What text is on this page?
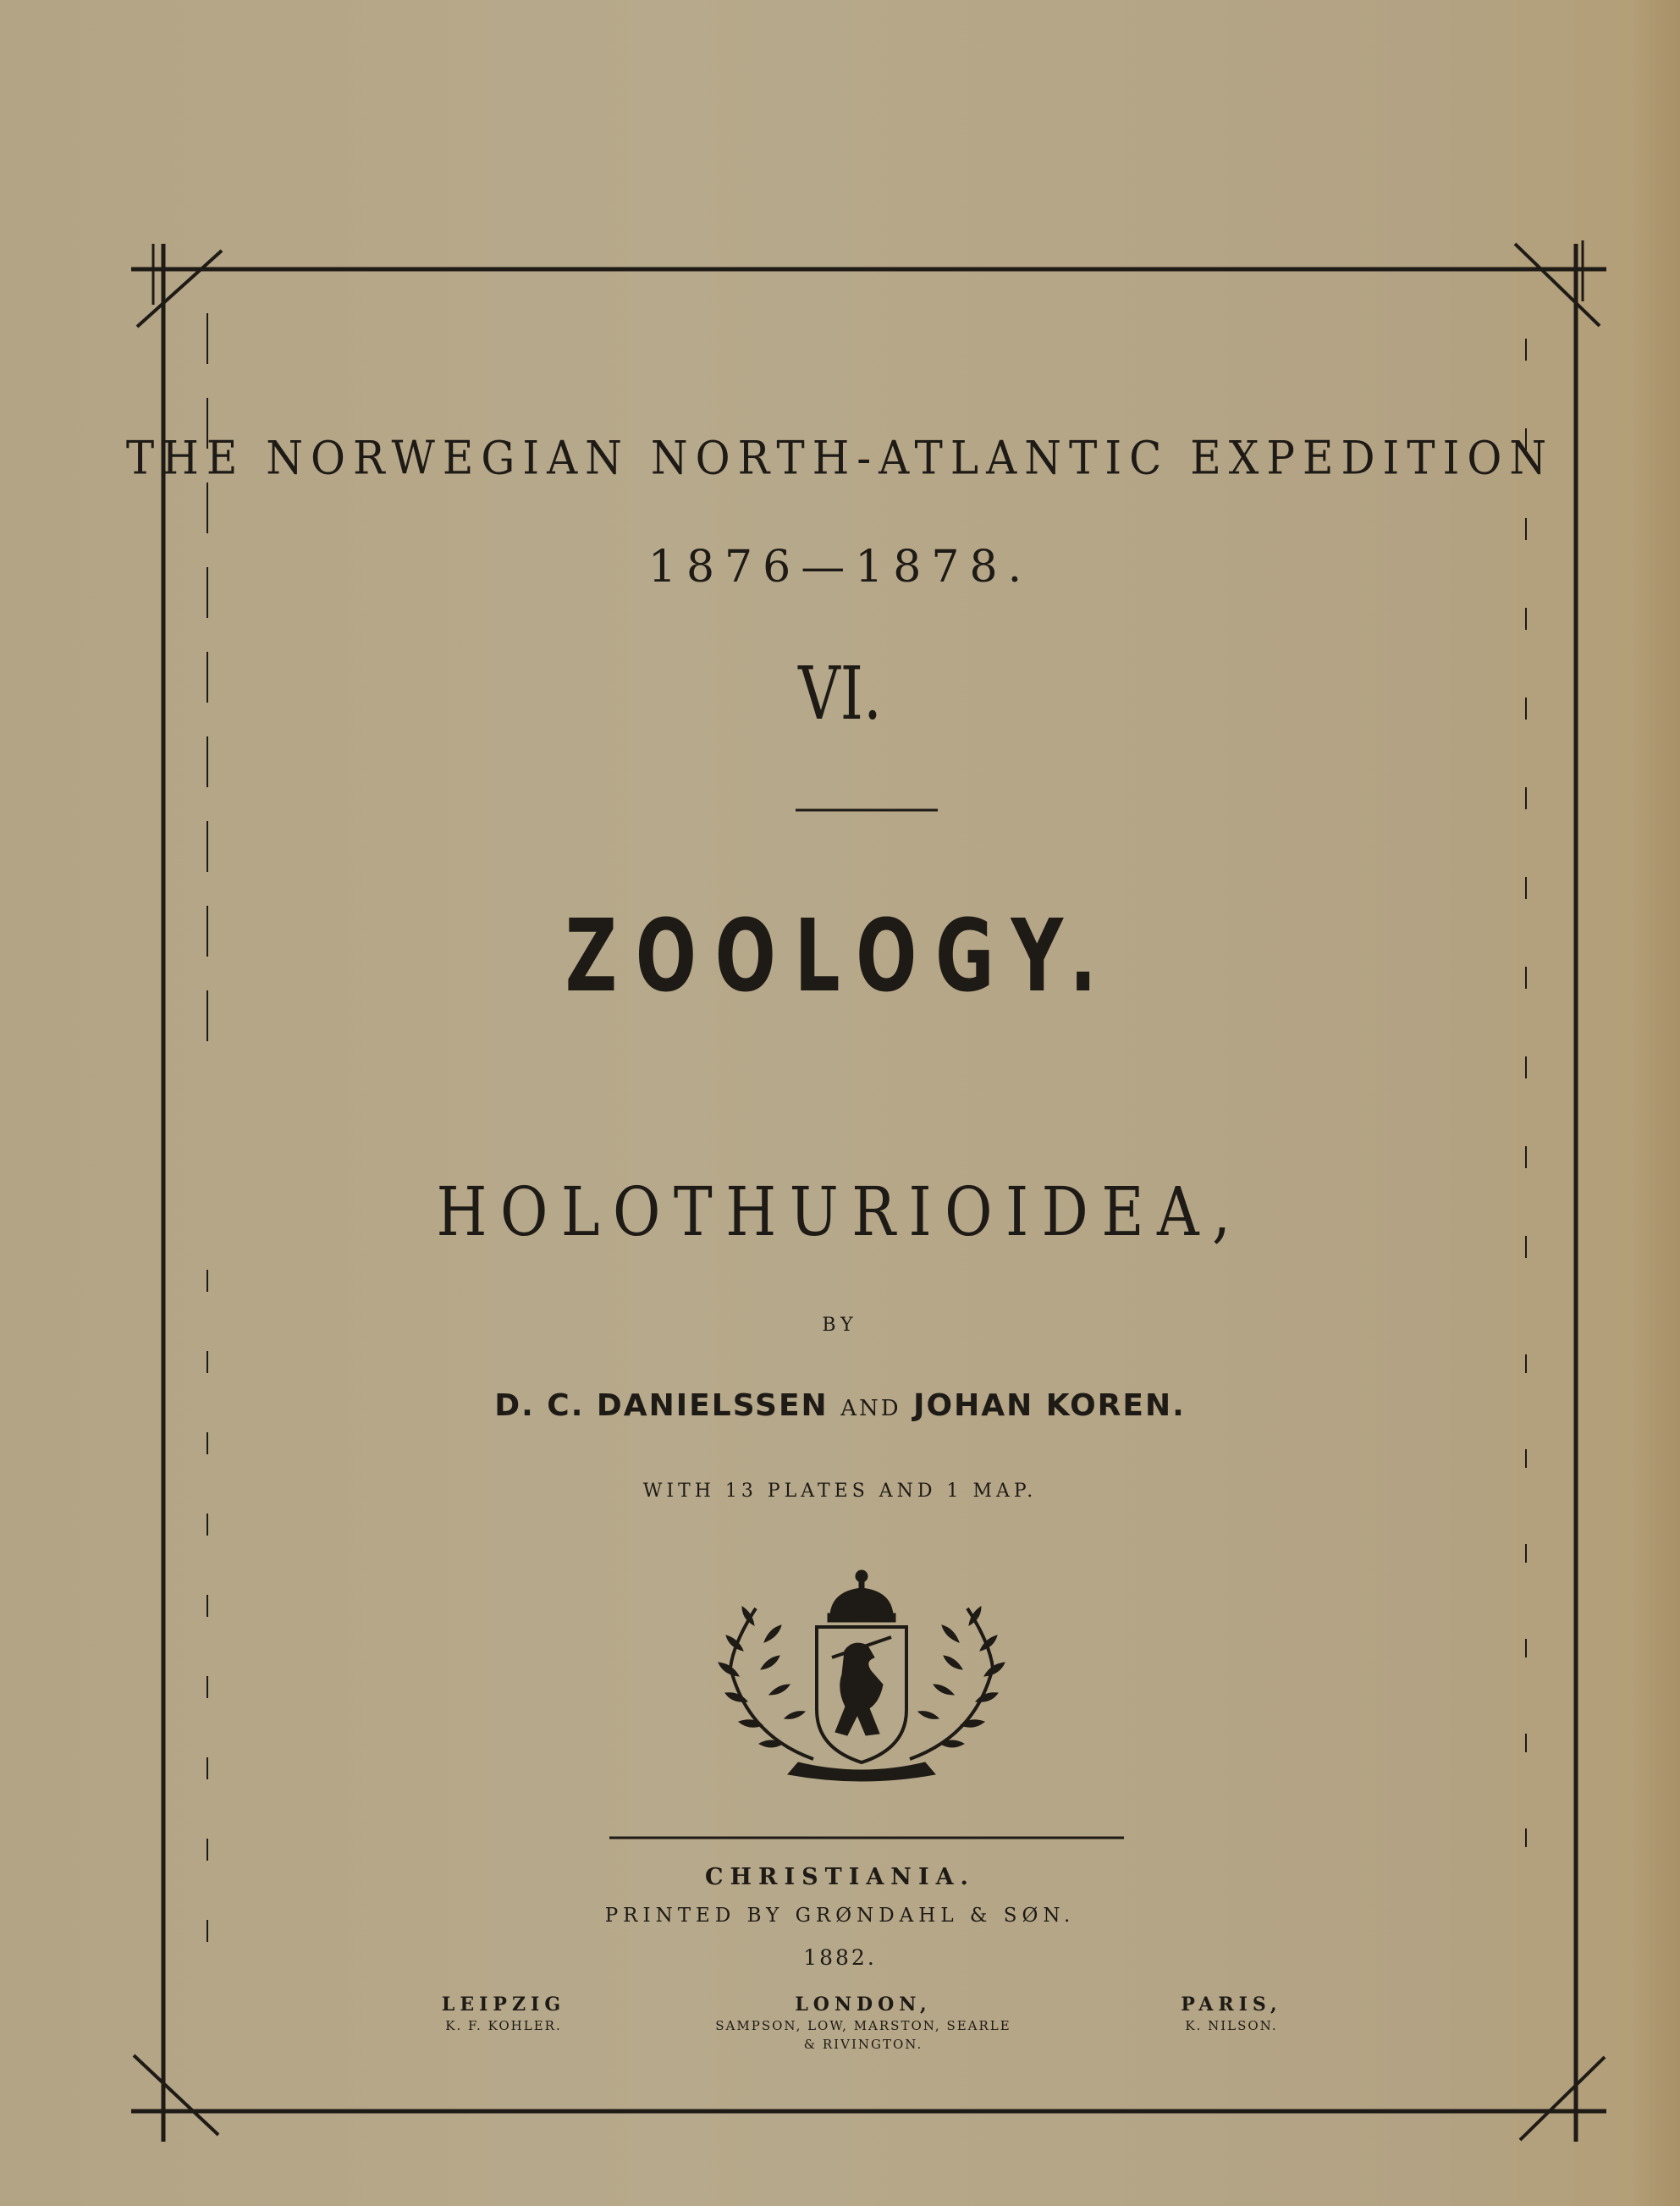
THE NORWEGIAN NORTH-ATLANTIC EXPEDITION
1876—1878.
VI.
ZOOLOGY.
HOLOTHURIOIDEA,
BY
D. C. DANIELSSEN AND JOHAN KOREN.
WITH 13 PLATES AND 1 MAP.
CHRISTIANIA.
PRINTED BY GRØNDAHL & SØN.
1882.
LEIPZIG
K. F. KOHLER.
LONDON,
SAMPSON, LOW, MARSTON, SEARLE
& RIVINGTON.
PARIS,
K. NILSON.
